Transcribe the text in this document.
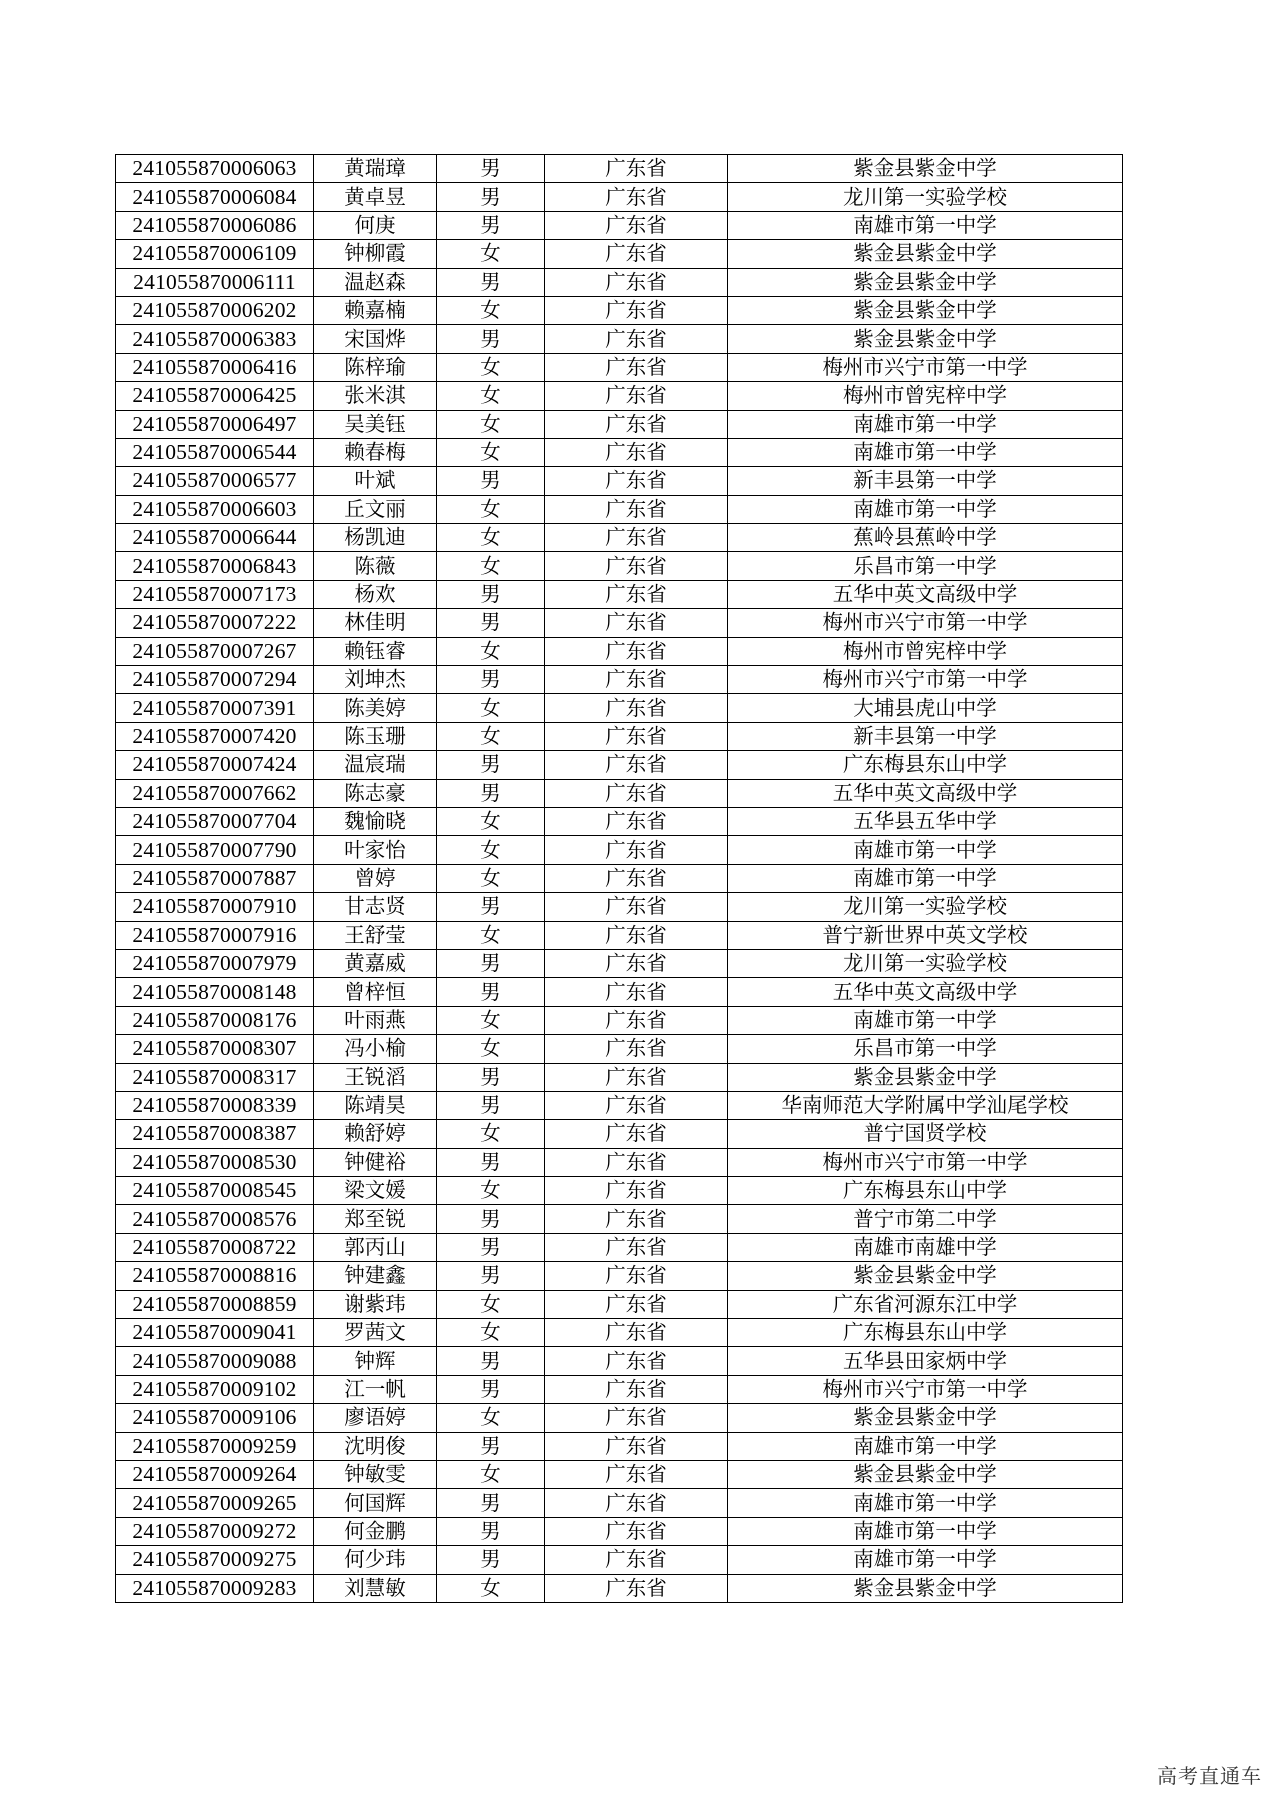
241055870006063	黄瑞璋	男	广东省	紫金县紫金中学
241055870006084	黄卓昱	男	广东省	龙川第一实验学校
241055870006086	何庚	男	广东省	南雄市第一中学
241055870006109	钟柳霞	女	广东省	紫金县紫金中学
241055870006111	温赵森	男	广东省	紫金县紫金中学
241055870006202	赖嘉楠	女	广东省	紫金县紫金中学
241055870006383	宋国烨	男	广东省	紫金县紫金中学
241055870006416	陈梓瑜	女	广东省	梅州市兴宁市第一中学
241055870006425	张米淇	女	广东省	梅州市曾宪梓中学
241055870006497	吴美钰	女	广东省	南雄市第一中学
241055870006544	赖春梅	女	广东省	南雄市第一中学
241055870006577	叶斌	男	广东省	新丰县第一中学
241055870006603	丘文丽	女	广东省	南雄市第一中学
241055870006644	杨凯迪	女	广东省	蕉岭县蕉岭中学
241055870006843	陈薇	女	广东省	乐昌市第一中学
241055870007173	杨欢	男	广东省	五华中英文高级中学
241055870007222	林佳明	男	广东省	梅州市兴宁市第一中学
241055870007267	赖钰睿	女	广东省	梅州市曾宪梓中学
241055870007294	刘坤杰	男	广东省	梅州市兴宁市第一中学
241055870007391	陈美婷	女	广东省	大埔县虎山中学
241055870007420	陈玉珊	女	广东省	新丰县第一中学
241055870007424	温宸瑞	男	广东省	广东梅县东山中学
241055870007662	陈志豪	男	广东省	五华中英文高级中学
241055870007704	魏愉晓	女	广东省	五华县五华中学
241055870007790	叶家怡	女	广东省	南雄市第一中学
241055870007887	曾婷	女	广东省	南雄市第一中学
241055870007910	甘志贤	男	广东省	龙川第一实验学校
241055870007916	王舒莹	女	广东省	普宁新世界中英文学校
241055870007979	黄嘉威	男	广东省	龙川第一实验学校
241055870008148	曾梓恒	男	广东省	五华中英文高级中学
241055870008176	叶雨燕	女	广东省	南雄市第一中学
241055870008307	冯小榆	女	广东省	乐昌市第一中学
241055870008317	王锐滔	男	广东省	紫金县紫金中学
241055870008339	陈靖昊	男	广东省	华南师范大学附属中学汕尾学校
241055870008387	赖舒婷	女	广东省	普宁国贤学校
241055870008530	钟健裕	男	广东省	梅州市兴宁市第一中学
241055870008545	梁文媛	女	广东省	广东梅县东山中学
241055870008576	郑至锐	男	广东省	普宁市第二中学
241055870008722	郭丙山	男	广东省	南雄市南雄中学
241055870008816	钟建鑫	男	广东省	紫金县紫金中学
241055870008859	谢紫玮	女	广东省	广东省河源东江中学
241055870009041	罗茜文	女	广东省	广东梅县东山中学
241055870009088	钟辉	男	广东省	五华县田家炳中学
241055870009102	江一帆	男	广东省	梅州市兴宁市第一中学
241055870009106	廖语婷	女	广东省	紫金县紫金中学
241055870009259	沈明俊	男	广东省	南雄市第一中学
241055870009264	钟敏雯	女	广东省	紫金县紫金中学
241055870009265	何国辉	男	广东省	南雄市第一中学
241055870009272	何金鹏	男	广东省	南雄市第一中学
241055870009275	何少玮	男	广东省	南雄市第一中学
241055870009283	刘慧敏	女	广东省	紫金县紫金中学
高考直通车
